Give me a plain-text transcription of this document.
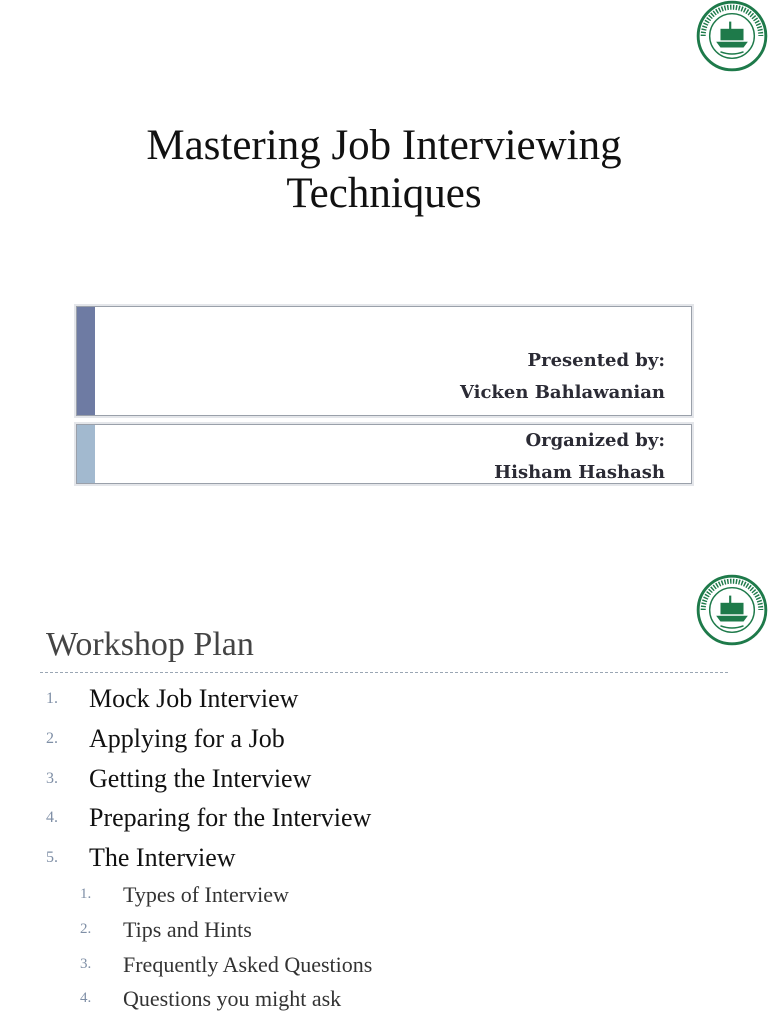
Mastering Job Interviewing
Techniques
Presented by:
Vicken Bahlawanian
Organized by:
Hisham Hashash
Workshop Plan
1. Mock Job Interview
2. Applying for a Job
3. Getting the Interview
4. Preparing for the Interview
5. The Interview
1. Types of Interview
2. Tips and Hints
3. Frequently Asked Questions
4. Questions you might ask
